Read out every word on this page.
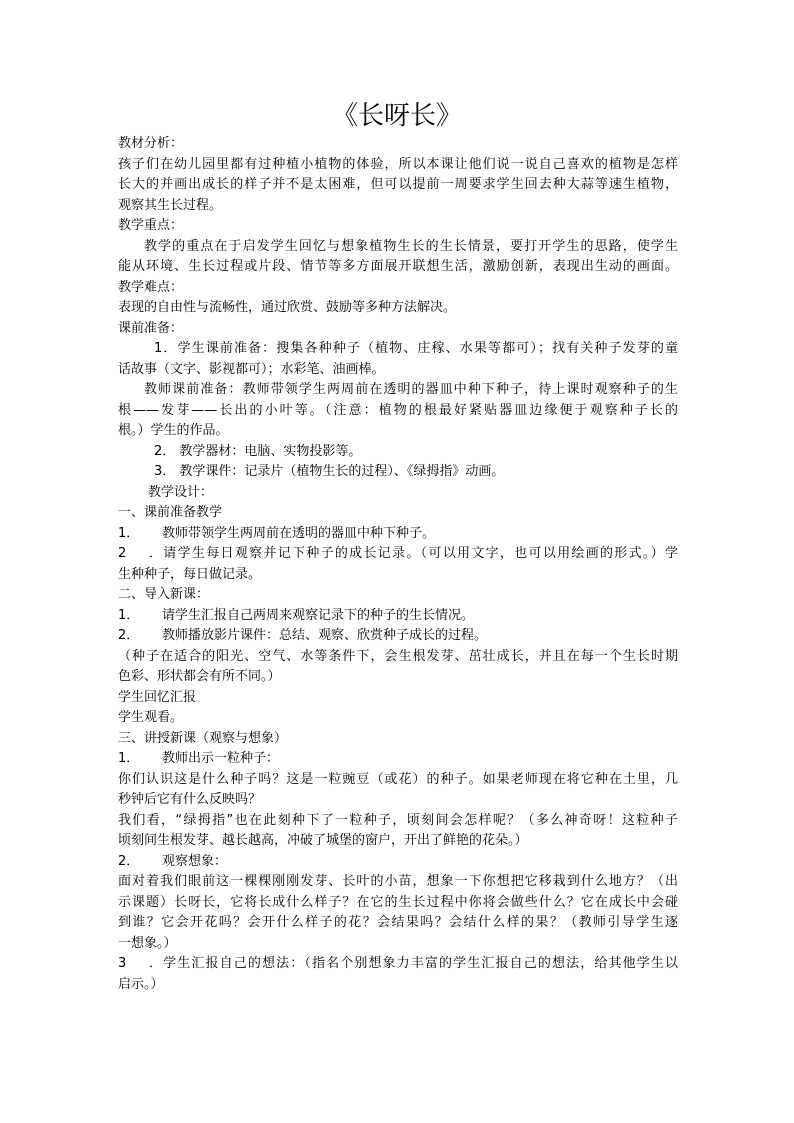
《长呀长》
教材分析：
孩子们在幼儿园里都有过种植小植物的体验，所以本课让他们说一说自己喜欢的植物是怎样
长大的并画出成长的样子并不是太困难，但可以提前一周要求学生回去种大蒜等速生植物，
观察其生长过程。
教学重点：
教学的重点在于启发学生回忆与想象植物生长的生长情景，要打开学生的思路，使学生
能从环境、生长过程或片段、情节等多方面展开联想生活，激励创新，表现出生动的画面。
教学难点：
表现的自由性与流畅性，通过欣赏、鼓励等多种方法解决。
课前准备：
1．学生课前准备：搜集各种种子（植物、庄稼、水果等都可）；找有关种子发芽的童
话故事（文字、影视都可）；水彩笔、油画棒。
教师课前准备：教师带领学生两周前在透明的器皿中种下种子，待上课时观察种子的生
根——发芽——长出的小叶等。（注意：植物的根最好紧贴器皿边缘便于观察种子长的
根。）学生的作品。
2． 教学器材：电脑、实物投影等。
3． 教学课件：记录片（植物生长的过程）、《绿拇指》动画。
教学设计：
一、课前准备教学
1． 教师带领学生两周前在透明的器皿中种下种子。
2．请学生每日观察并记下种子的成长记录。（可以用文字，也可以用绘画的形式。）学
生种种子，每日做记录。
二、导入新课：
1． 请学生汇报自己两周来观察记录下的种子的生长情况。
2． 教师播放影片课件：总结、观察、欣赏种子成长的过程。
（种子在适合的阳光、空气、水等条件下，会生根发芽、茁壮成长，并且在每一个生长时期
色彩、形状都会有所不同。）
学生回忆汇报
学生观看。
三、讲授新课（观察与想象）
1． 教师出示一粒种子：
你们认识这是什么种子吗？这是一粒豌豆（或花）的种子。如果老师现在将它种在土里，几
秒钟后它有什么反映吗？
我们看，“绿拇指”也在此刻种下了一粒种子，顷刻间会怎样呢？（多么神奇呀！这粒种子
顷刻间生根发芽、越长越高，冲破了城堡的窗户，开出了鲜艳的花朵。）
2． 观察想象：
面对着我们眼前这一棵棵刚刚发芽、长叶的小苗，想象一下你想把它移栽到什么地方？（出
示课题）长呀长，它将长成什么样子？在它的生长过程中你将会做些什么？它在成长中会碰
到谁？它会开花吗？会开什么样子的花？会结果吗？会结什么样的果？（教师引导学生逐
一想象。）
3．学生汇报自己的想法：（指名个别想象力丰富的学生汇报自己的想法，给其他学生以
启示。）
